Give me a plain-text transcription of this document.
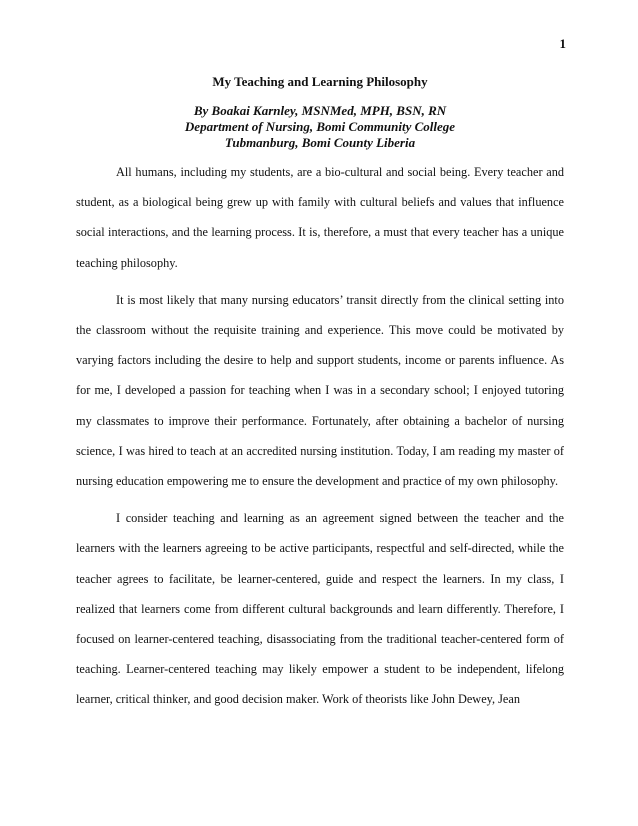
1

My Teaching and Learning Philosophy

By Boakai Karnley, MSNMed, MPH, BSN, RN

Department of Nursing, Bomi Community College

Tubmanburg, Bomi County Liberia

All humans, including my students, are a bio-cultural and social being. Every teacher and student, as a biological being grew up with family with cultural beliefs and values that influence social interactions, and the learning process. It is, therefore, a must that every teacher has a unique teaching philosophy.

It is most likely that many nursing educators’ transit directly from the clinical setting into the classroom without the requisite training and experience. This move could be motivated by varying factors including the desire to help and support students, income or parents influence. As for me, I developed a passion for teaching when I was in a secondary school; I enjoyed tutoring my classmates to improve their performance. Fortunately, after obtaining a bachelor of nursing science, I was hired to teach at an accredited nursing institution. Today, I am reading my master of nursing education empowering me to ensure the development and practice of my own philosophy.

I consider teaching and learning as an agreement signed between the teacher and the learners with the learners agreeing to be active participants, respectful and self-directed, while the teacher agrees to facilitate, be learner-centered, guide and respect the learners. In my class, I realized that learners come from different cultural backgrounds and learn differently. Therefore, I focused on learner-centered teaching, disassociating from the traditional teacher-centered form of teaching. Learner-centered teaching may likely empower a student to be independent, lifelong learner, critical thinker, and good decision maker. Work of theorists like John Dewey, Jean
